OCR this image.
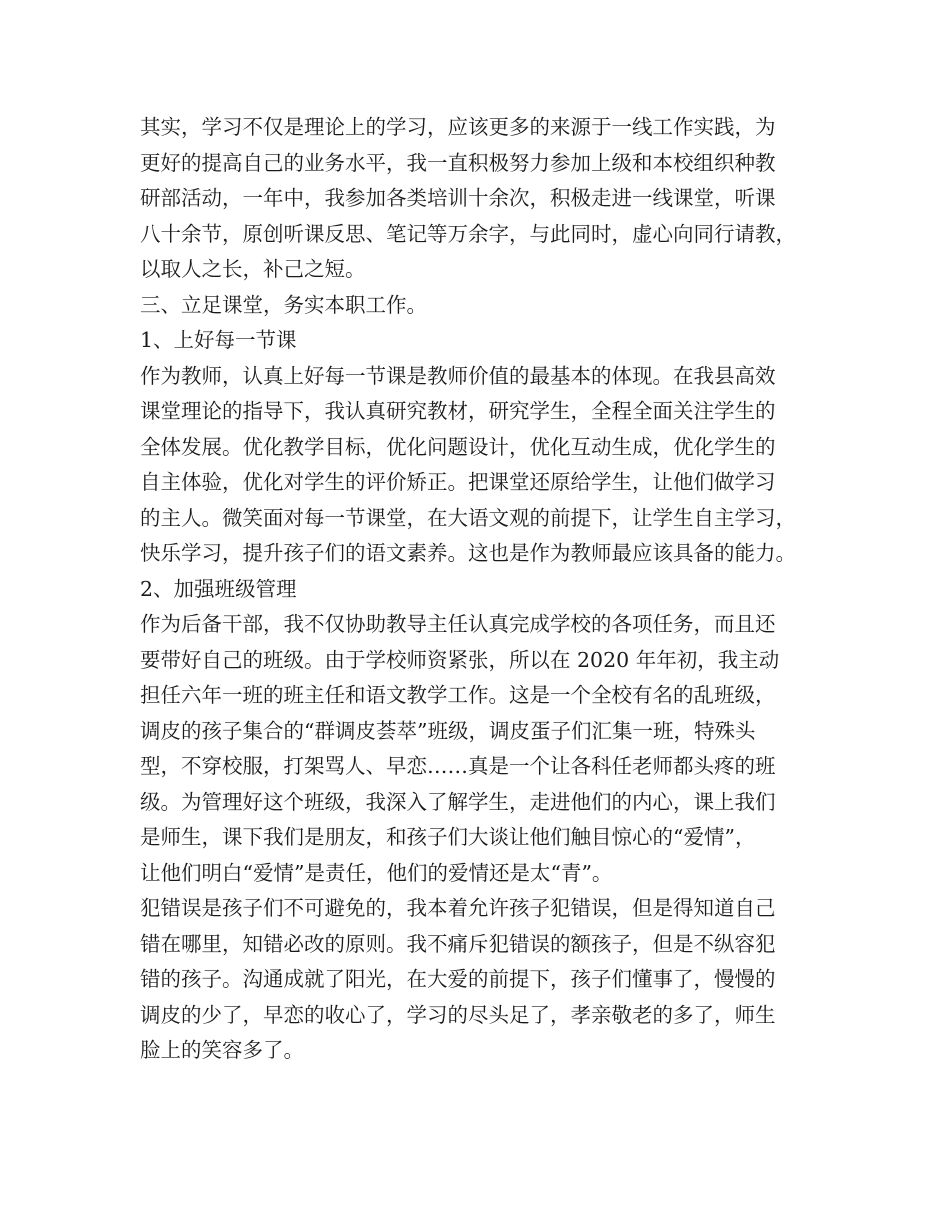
其实，学习不仅是理论上的学习，应该更多的来源于一线工作实践，为
更好的提高自己的业务水平，我一直积极努力参加上级和本校组织种教
研部活动，一年中，我参加各类培训十余次，积极走进一线课堂，听课
八十余节，原创听课反思、笔记等万余字，与此同时，虚心向同行请教，
以取人之长，补己之短。
三、立足课堂，务实本职工作。
1、上好每一节课
作为教师，认真上好每一节课是教师价值的最基本的体现。在我县高效
课堂理论的指导下，我认真研究教材，研究学生，全程全面关注学生的
全体发展。优化教学目标，优化问题设计，优化互动生成，优化学生的
自主体验，优化对学生的评价矫正。把课堂还原给学生，让他们做学习
的主人。微笑面对每一节课堂，在大语文观的前提下，让学生自主学习，
快乐学习，提升孩子们的语文素养。这也是作为教师最应该具备的能力。
2、加强班级管理
作为后备干部，我不仅协助教导主任认真完成学校的各项任务，而且还
要带好自己的班级。由于学校师资紧张，所以在 2020 年年初，我主动
担任六年一班的班主任和语文教学工作。这是一个全校有名的乱班级，
调皮的孩子集合的“群调皮荟萃”班级，调皮蛋子们汇集一班，特殊头
型，不穿校服，打架骂人、早恋……真是一个让各科任老师都头疼的班
级。为管理好这个班级，我深入了解学生，走进他们的内心，课上我们
是师生，课下我们是朋友，和孩子们大谈让他们触目惊心的“爱情”，
让他们明白“爱情”是责任，他们的爱情还是太“青”。
犯错误是孩子们不可避免的，我本着允许孩子犯错误，但是得知道自己
错在哪里，知错必改的原则。我不痛斥犯错误的额孩子，但是不纵容犯
错的孩子。沟通成就了阳光，在大爱的前提下，孩子们懂事了，慢慢的
调皮的少了，早恋的收心了，学习的尽头足了，孝亲敬老的多了，师生
脸上的笑容多了。
